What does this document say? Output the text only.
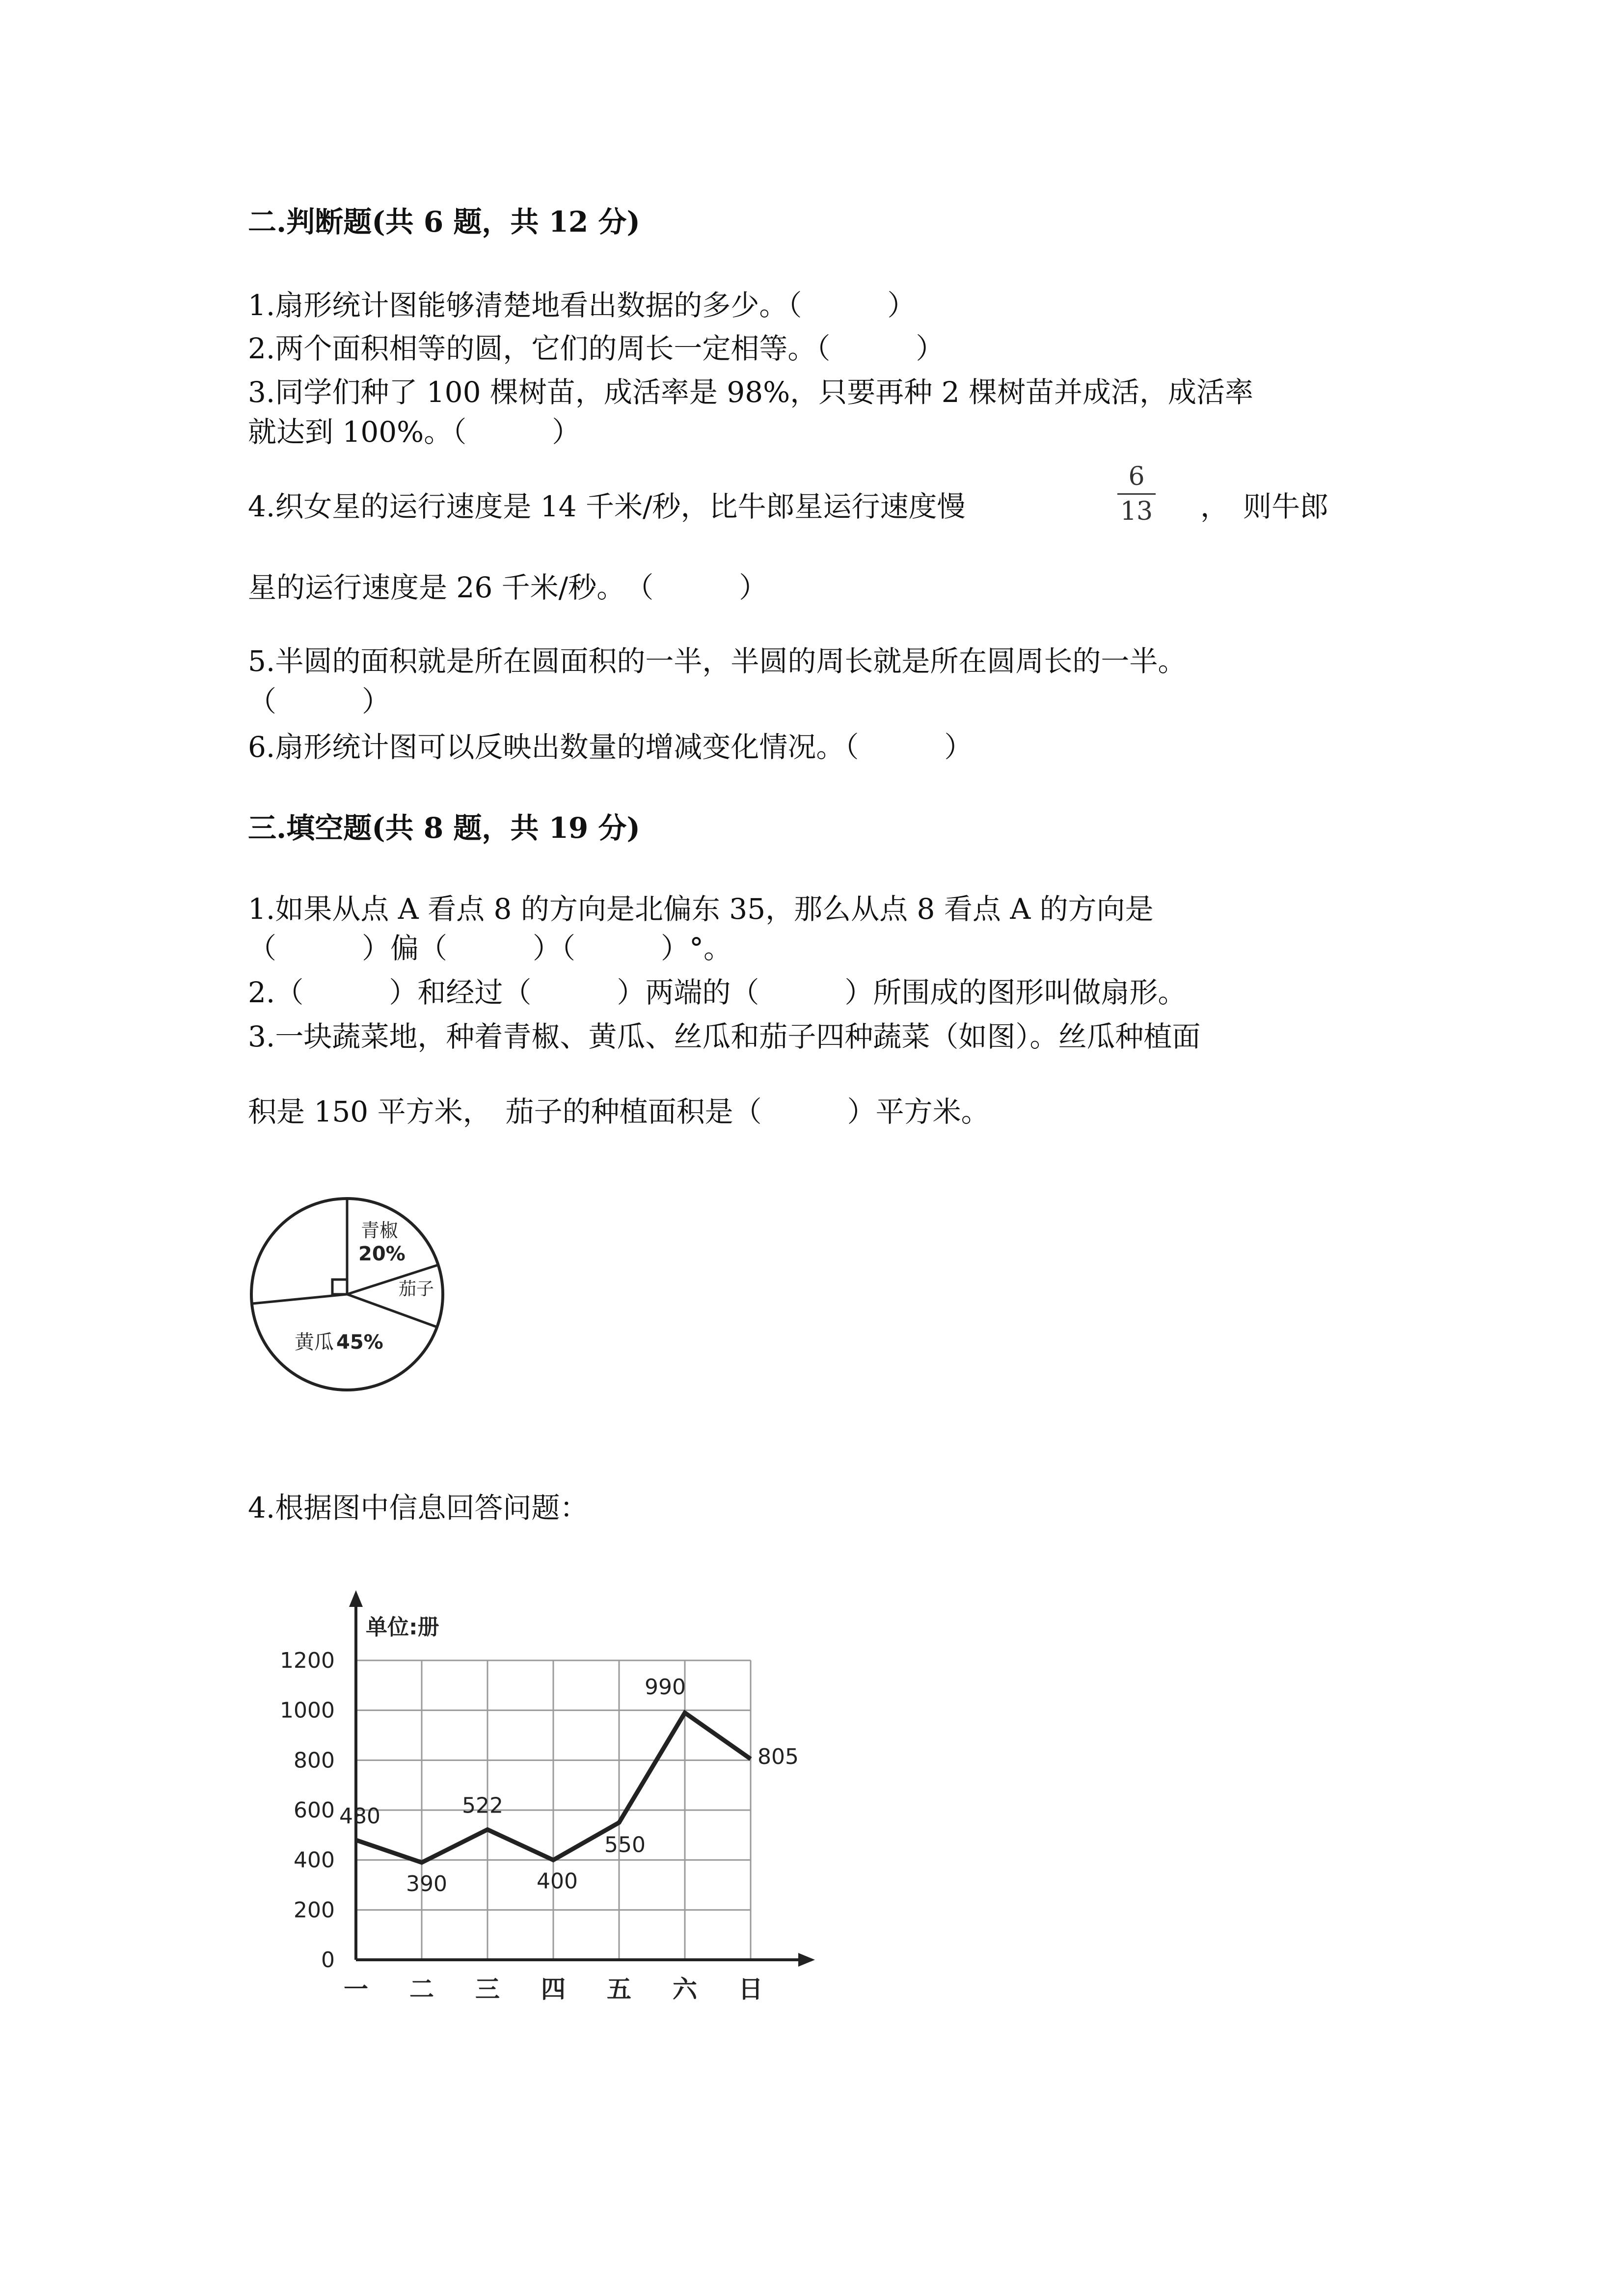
二.判断题(共 6 题，共 12 分)
1.扇形统计图能够清楚地看出数据的多少。（　　　）
2.两个面积相等的圆，它们的周长一定相等。（　　　）
3.同学们种了 100 棵树苗，成活率是 98%，只要再种 2 棵树苗并成活，成活率
就达到 100%。（　　　）
4.织女星的运行速度是 14 千米/秒，比牛郎星运行速度慢
6
13 ，　则牛郎
星的运行速度是 26 千米/秒。　（　　　）
5.半圆的面积就是所在圆面积的一半，半圆的周长就是所在圆周长的一半。
（　　　）
6.扇形统计图可以反映出数量的增减变化情况。（　　　）
三.填空题(共 8 题，共 19 分)
1.如果从点 A 看点 8 的方向是北偏东 35，那么从点 8 看点 A 的方向是
（　　　）偏（　　　）（　　　）°。
2.（　　　）和经过（　　　）两端的（　　　）所围成的图形叫做扇形。
3.一块蔬菜地，种着青椒、黄瓜、丝瓜和茄子四种蔬菜（如图）。丝瓜种植面
积是 150 平方米，　茄子的种植面积是（　　　）平方米。
青椒
20%
茄子
黄瓜 45%
4.根据图中信息回答问题：
单位:册
0
200
400
600
800
1000
1200
一 二 三 四 五 六 日
480
390
522
400
550
990
805
